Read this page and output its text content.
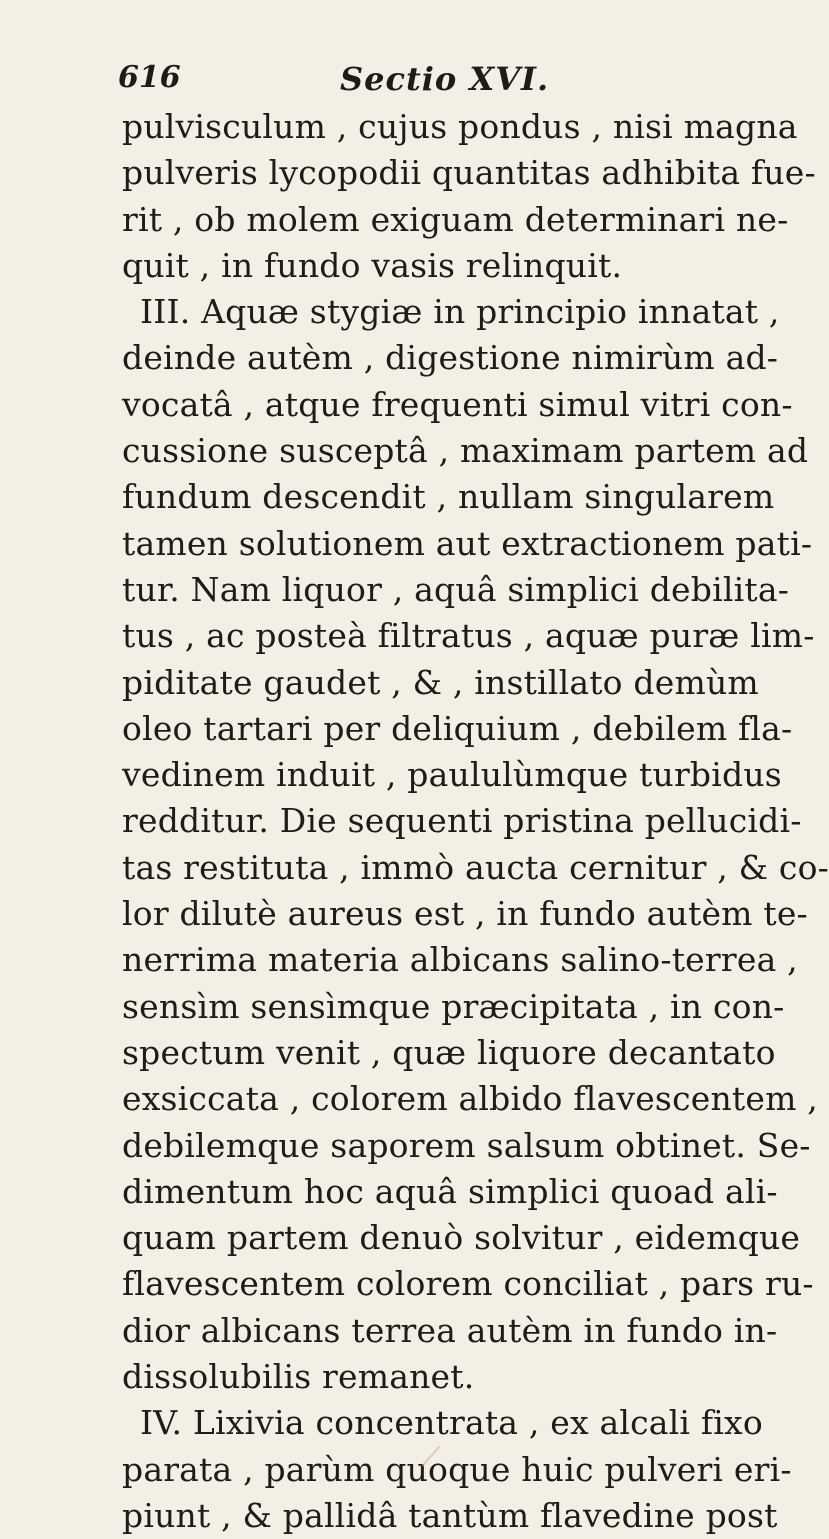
616	Sectio XVI.
pulvisculum , cujus pondus , nisi magna
pulveris lycopodii quantitas adhibita fue-
rit , ob molem exiguam determinari ne-
quit , in fundo vasis relinquit.
III. Aquæ stygiæ in principio innatat ,
deinde autèm , digestione nimirùm ad-
vocatâ , atque frequenti simul vitri con-
cussione susceptâ , maximam partem ad
fundum descendit , nullam singularem
tamen solutionem aut extractionem pati-
tur. Nam liquor , aquâ simplici debilita-
tus , ac posteà filtratus , aquæ puræ lim-
piditate gaudet , & , instillato demùm
oleo tartari per deliquium , debilem fla-
vedinem induit , paululùmque turbidus
redditur. Die sequenti pristina pellucidi-
tas restituta , immò aucta cernitur , & co-
lor dilutè aureus est , in fundo autèm te-
nerrima materia albicans salino-terrea ,
sensìm sensìmque præcipitata , in con-
spectum venit , quæ liquore decantato
exsiccata , colorem albido flavescentem ,
debilemque saporem salsum obtinet. Se-
dimentum hoc aquâ simplici quoad ali-
quam partem denuò solvitur , eidemque
flavescentem colorem conciliat , pars ru-
dior albicans terrea autèm in fundo in-
dissolubilis remanet.
IV. Lixivia concentrata , ex alcali fixo
parata , parùm quoque huic pulveri eri-
piunt , & pallidâ tantùm flavedine post
